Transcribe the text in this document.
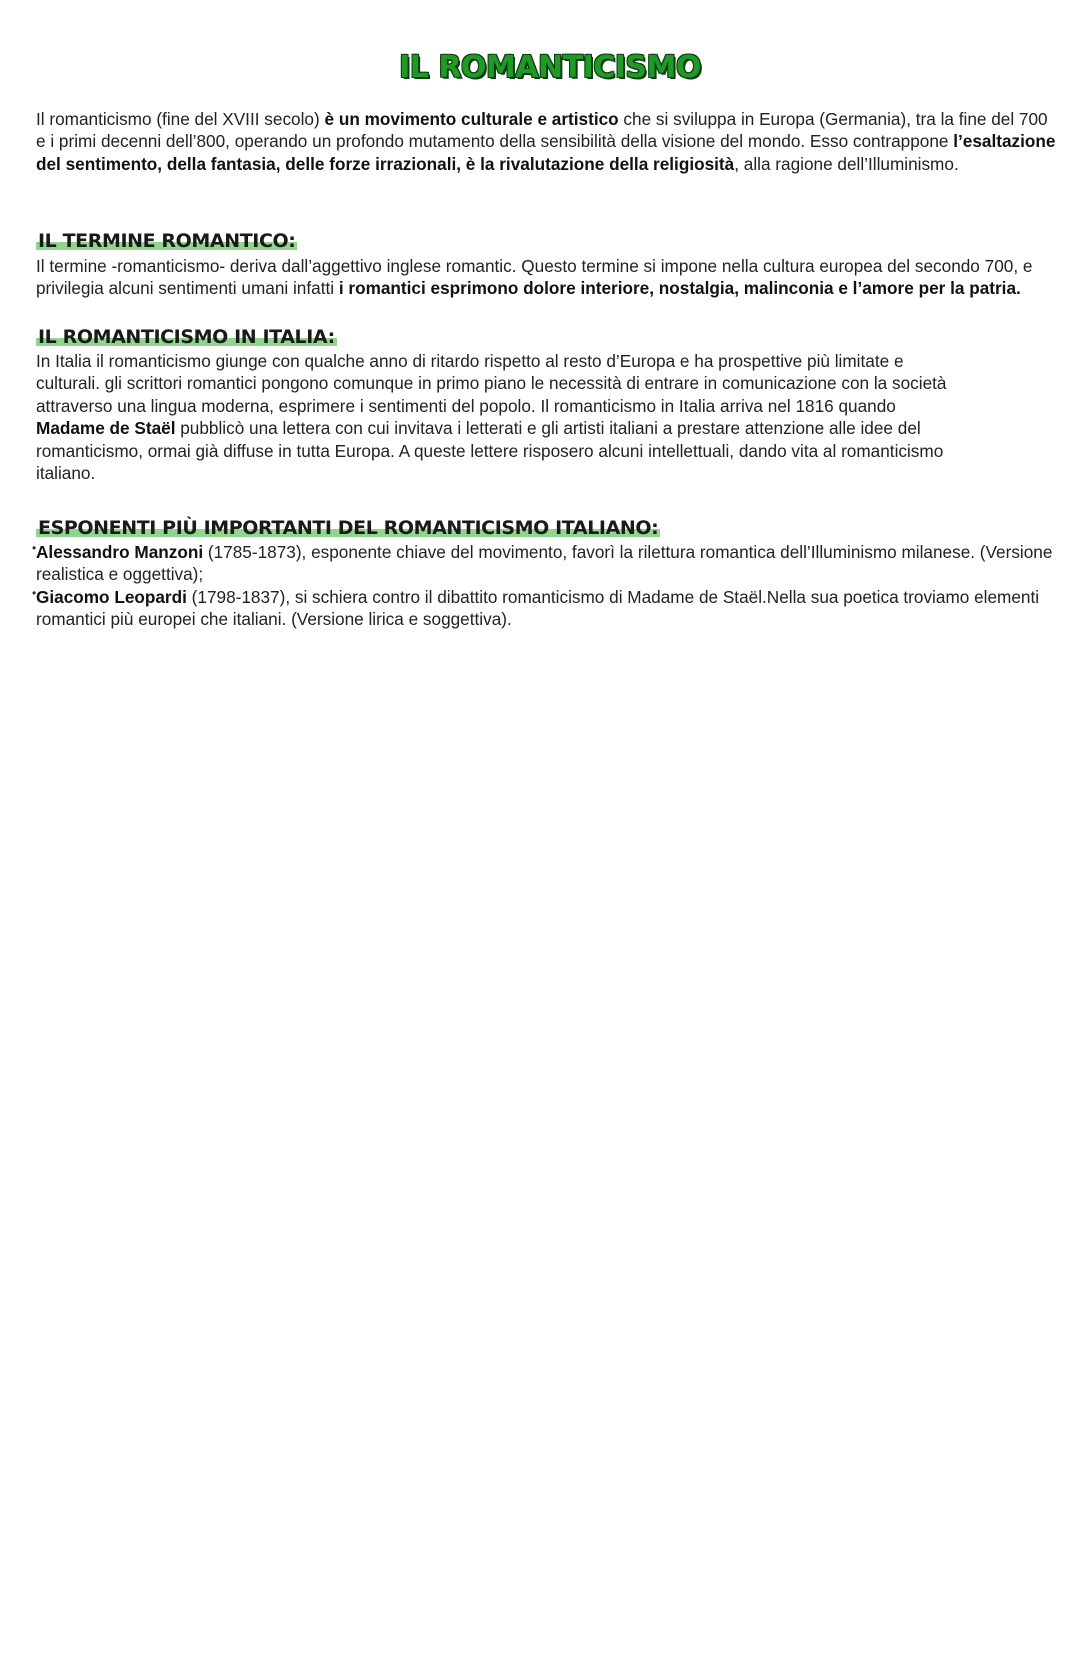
IL ROMANTICISMO
Il romanticismo (fine del XVIII secolo) è un movimento culturale e artistico che si sviluppa in Europa (Germania), tra la fine del 700 e i primi decenni dell’800, operando un profondo mutamento della sensibilità della visione del mondo. Esso contrappone l’esaltazione del sentimento, della fantasia, delle forze irrazionali, è la rivalutazione della religiosità, alla ragione dell’Illuminismo.
IL TERMINE ROMANTICO:
Il termine -romanticismo- deriva dall’aggettivo inglese romantic. Questo termine si impone nella cultura europea del secondo 700, e privilegia alcuni sentimenti umani infatti i romantici esprimono dolore interiore, nostalgia, malinconia e l’amore per la patria.
IL ROMANTICISMO IN ITALIA:
In Italia il romanticismo giunge con qualche anno di ritardo rispetto al resto d’Europa e ha prospettive più limitate e culturali. gli scrittori romantici pongono comunque in primo piano le necessità di entrare in comunicazione con la società attraverso una lingua moderna, esprimere i sentimenti del popolo. Il romanticismo in Italia arriva nel 1816 quando Madame de Staël pubblicò una lettera con cui invitava i letterati e gli artisti italiani a prestare attenzione alle idee del romanticismo, ormai già diffuse in tutta Europa. A queste lettere risposero alcuni intellettuali, dando vita al romanticismo italiano.
ESPONENTI PIÙ IMPORTANTI DEL ROMANTICISMO ITALIANO:
• Alessandro Manzoni (1785-1873), esponente chiave del movimento, favorì la rilettura romantica dell’Illuminismo milanese. (Versione realistica e oggettiva);
• Giacomo Leopardi (1798-1837), si schiera contro il dibattito romanticismo di Madame de Staël.Nella sua poetica troviamo elementi romantici più europei che italiani. (Versione lirica e soggettiva).
